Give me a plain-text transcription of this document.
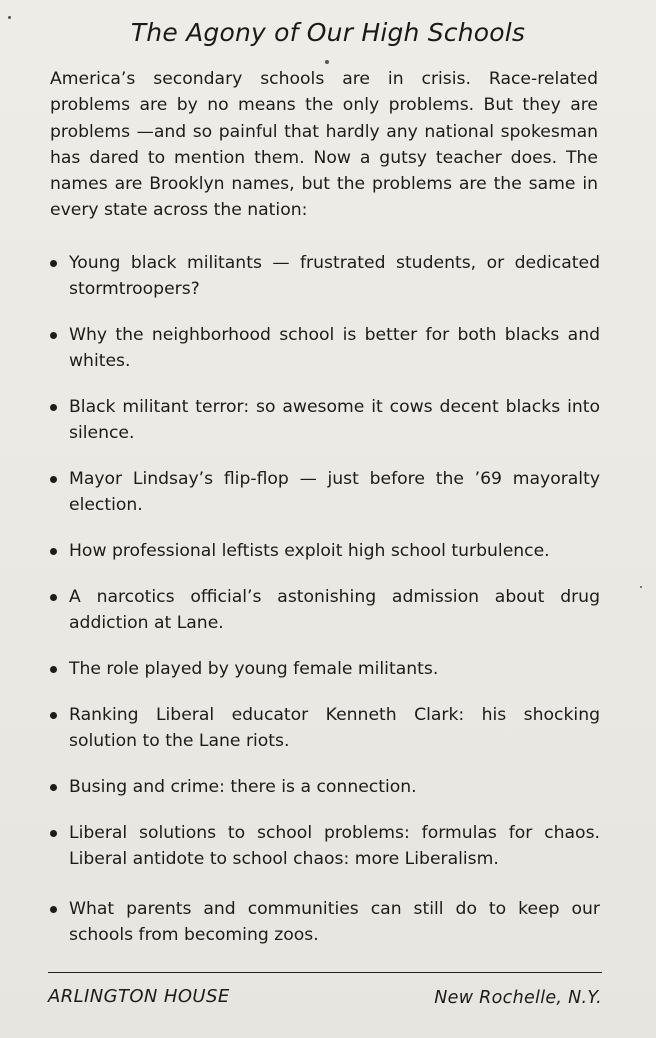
The Agony of Our High Schools

America’s secondary schools are in crisis. Race-related problems are by no means the only problems. But they are problems —and so painful that hardly any national spokesman has dared to mention them. Now a gutsy teacher does. The names are Brooklyn names, but the problems are the same in every state across the nation:

Young black militants — frustrated students, or dedicated stormtroopers?
Why the neighborhood school is better for both blacks and whites.
Black militant terror: so awesome it cows decent blacks into silence.
Mayor Lindsay’s flip-flop — just before the ’69 mayoralty election.
How professional leftists exploit high school turbulence.
A narcotics official’s astonishing admission about drug addiction at Lane.
The role played by young female militants.
Ranking Liberal educator Kenneth Clark: his shocking solution to the Lane riots.
Busing and crime: there is a connection.
Liberal solutions to school problems: formulas for chaos. Liberal antidote to school chaos: more Liberalism.
What parents and communities can still do to keep our schools from becoming zoos.
ARLINGTON HOUSE	New Rochelle, N.Y.
